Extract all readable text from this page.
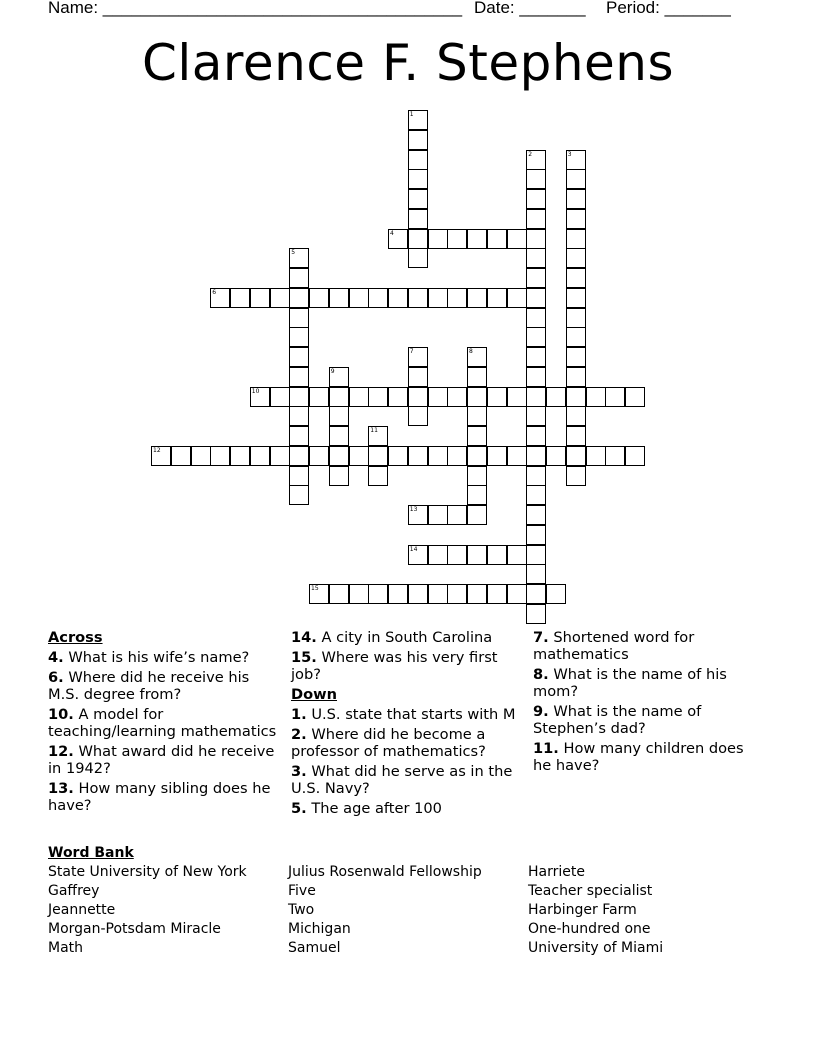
Name: ______________________________________ Date: _______ Period: _______
Clarence F. Stephens
1
2	3
4
5
6
7	8
9
10
11
12
13
14
15
Across
4. What is his wife’s name?
6. Where did he receive his M.S. degree from?
10. A model for teaching/learning mathematics
12. What award did he receive in 1942?
13. How many sibling does he have?
14. A city in South Carolina
15. Where was his very first job?
Down
1. U.S. state that starts with M
2. Where did he become a professor of mathematics?
3. What did he serve as in the U.S. Navy?
5. The age after 100
7. Shortened word for mathematics
8. What is the name of his mom?
9. What is the name of Stephen’s dad?
11. How many children does he have?
Word Bank
State University of New York
Gaffrey
Jeannette
Morgan-Potsdam Miracle
Math
Julius Rosenwald Fellowship
Five
Two
Michigan
Samuel
Harriete
Teacher specialist
Harbinger Farm
One-hundred one
University of Miami
